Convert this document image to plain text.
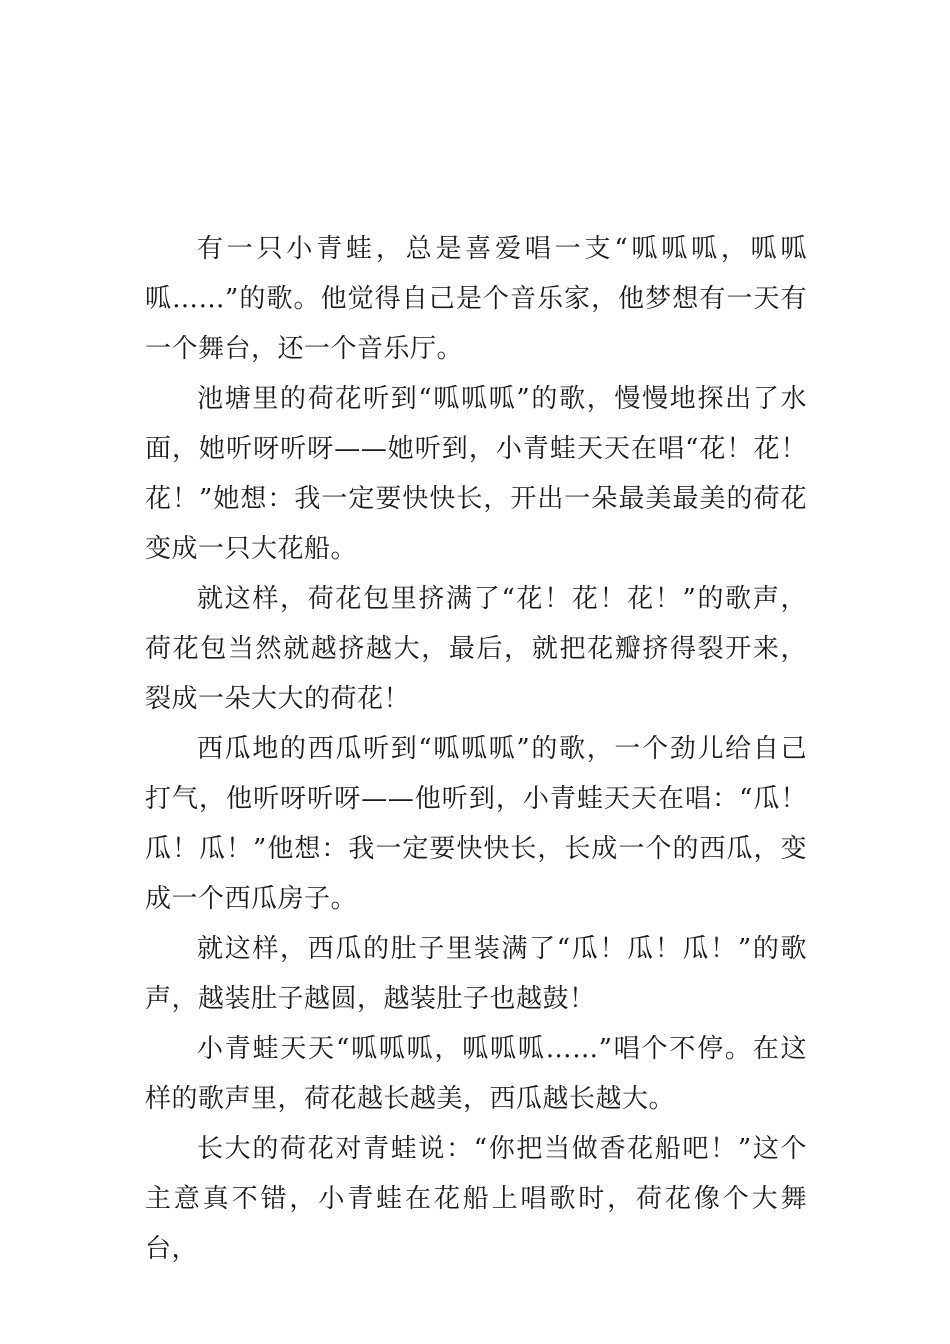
有一只小青蛙，总是喜爱唱一支“呱呱呱，呱呱呱……”的歌。他觉得自己是个音乐家，他梦想有一天有一个舞台，还一个音乐厅。

池塘里的荷花听到“呱呱呱”的歌，慢慢地探出了水面，她听呀听呀——她听到，小青蛙天天在唱“花！花！花！”她想：我一定要快快长，开出一朵最美最美的荷花变成一只大花船。

就这样，荷花包里挤满了“花！花！花！”的歌声，荷花包当然就越挤越大，最后，就把花瓣挤得裂开来，裂成一朵大大的荷花！

西瓜地的西瓜听到“呱呱呱”的歌，一个劲儿给自己打气，他听呀听呀——他听到，小青蛙天天在唱：“瓜！瓜！瓜！”他想：我一定要快快长，长成一个的西瓜，变成一个西瓜房子。

就这样，西瓜的肚子里装满了“瓜！瓜！瓜！”的歌声，越装肚子越圆，越装肚子也越鼓！

小青蛙天天“呱呱呱，呱呱呱……”唱个不停。在这样的歌声里，荷花越长越美，西瓜越长越大。

长大的荷花对青蛙说：“你把当做香花船吧！”这个主意真不错，小青蛙在花船上唱歌时，荷花像个大舞台，
